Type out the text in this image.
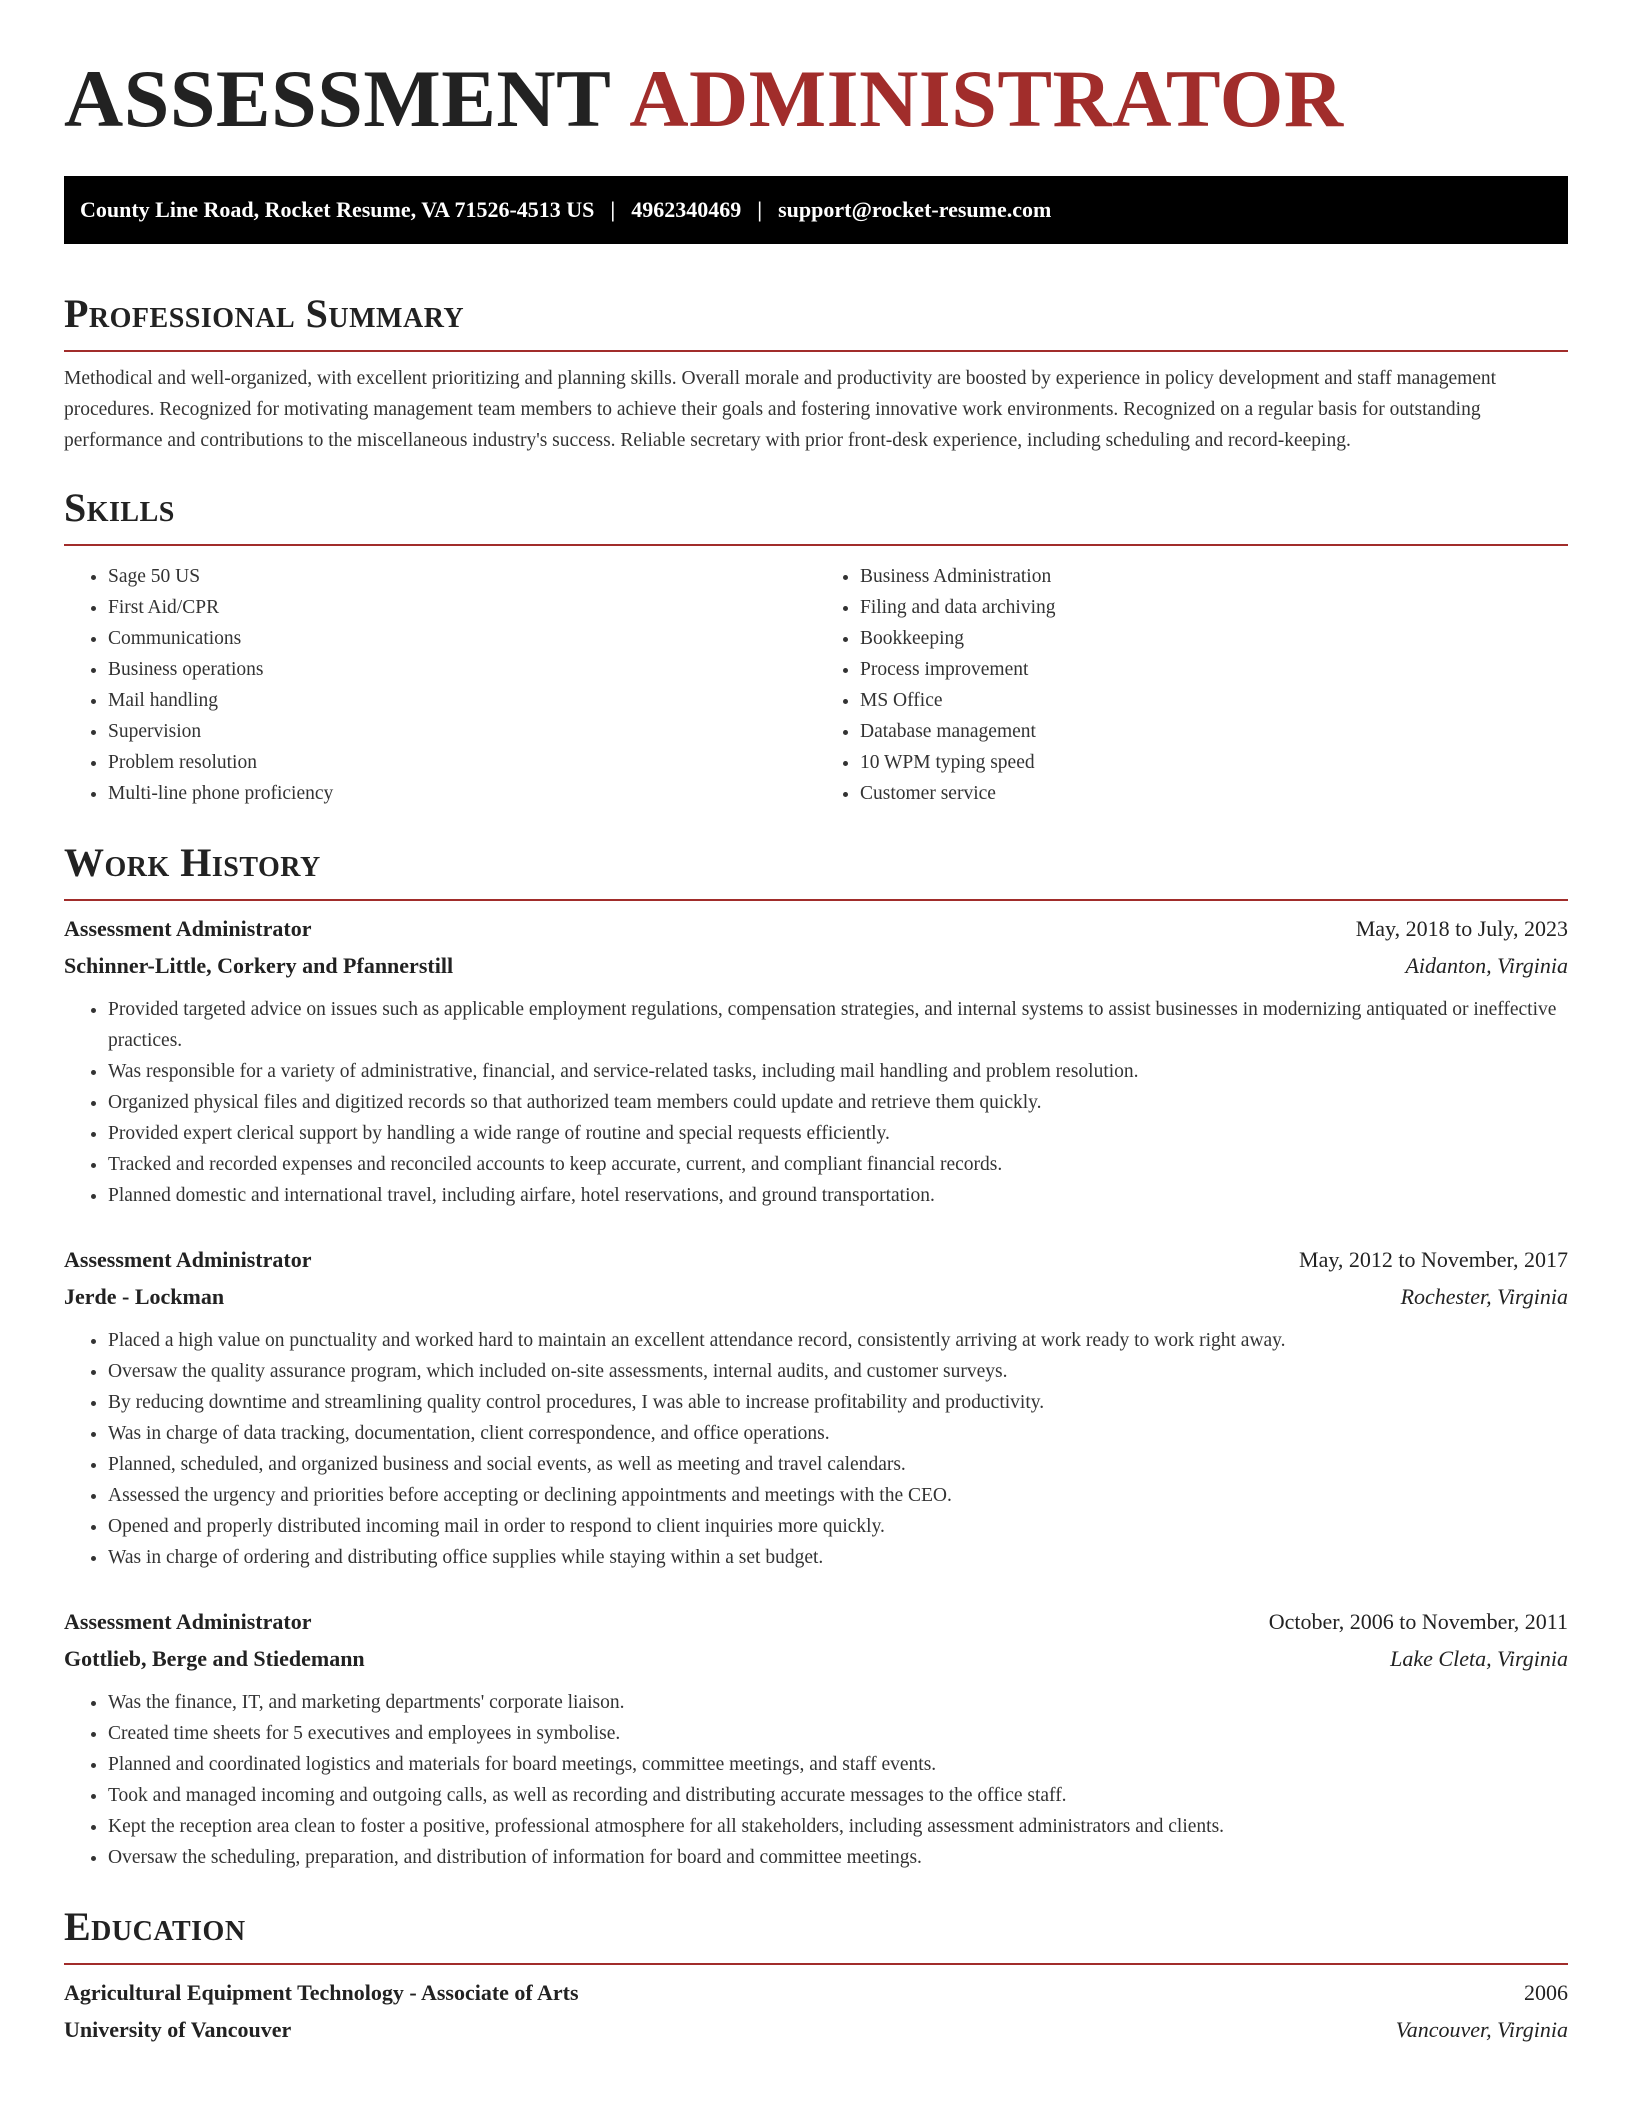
ASSESSMENT ADMINISTRATOR
County Line Road, Rocket Resume, VA 71526-4513 US | 4962340469 | support@rocket-resume.com
Professional Summary

Methodical and well-organized, with excellent prioritizing and planning skills. Overall morale and productivity are boosted by experience in policy development and staff management procedures. Recognized for motivating management team members to achieve their goals and fostering innovative work environments. Recognized on a regular basis for outstanding performance and contributions to the miscellaneous industry's success. Reliable secretary with prior front-desk experience, including scheduling and record-keeping.

Skills
• Sage 50 US
• First Aid/CPR
• Communications
• Business operations
• Mail handling
• Supervision
• Problem resolution
• Multi-line phone proficiency
• Business Administration
• Filing and data archiving
• Bookkeeping
• Process improvement
• MS Office
• Database management
• 10 WPM typing speed
• Customer service
Work History
Assessment Administrator	May, 2018 to July, 2023
Schinner-Little, Corkery and Pfannerstill	Aidanton, Virginia
• Provided targeted advice on issues such as applicable employment regulations, compensation strategies, and internal systems to assist businesses in modernizing antiquated or ineffective practices.
• Was responsible for a variety of administrative, financial, and service-related tasks, including mail handling and problem resolution.
• Organized physical files and digitized records so that authorized team members could update and retrieve them quickly.
• Provided expert clerical support by handling a wide range of routine and special requests efficiently.
• Tracked and recorded expenses and reconciled accounts to keep accurate, current, and compliant financial records.
• Planned domestic and international travel, including airfare, hotel reservations, and ground transportation.
Assessment Administrator	May, 2012 to November, 2017
Jerde - Lockman	Rochester, Virginia
• Placed a high value on punctuality and worked hard to maintain an excellent attendance record, consistently arriving at work ready to work right away.
• Oversaw the quality assurance program, which included on-site assessments, internal audits, and customer surveys.
• By reducing downtime and streamlining quality control procedures, I was able to increase profitability and productivity.
• Was in charge of data tracking, documentation, client correspondence, and office operations.
• Planned, scheduled, and organized business and social events, as well as meeting and travel calendars.
• Assessed the urgency and priorities before accepting or declining appointments and meetings with the CEO.
• Opened and properly distributed incoming mail in order to respond to client inquiries more quickly.
• Was in charge of ordering and distributing office supplies while staying within a set budget.
Assessment Administrator	October, 2006 to November, 2011
Gottlieb, Berge and Stiedemann	Lake Cleta, Virginia
• Was the finance, IT, and marketing departments' corporate liaison.
• Created time sheets for 5 executives and employees in symbolise.
• Planned and coordinated logistics and materials for board meetings, committee meetings, and staff events.
• Took and managed incoming and outgoing calls, as well as recording and distributing accurate messages to the office staff.
• Kept the reception area clean to foster a positive, professional atmosphere for all stakeholders, including assessment administrators and clients.
• Oversaw the scheduling, preparation, and distribution of information for board and committee meetings.
Education
Agricultural Equipment Technology - Associate of Arts	2006
University of Vancouver	Vancouver, Virginia
